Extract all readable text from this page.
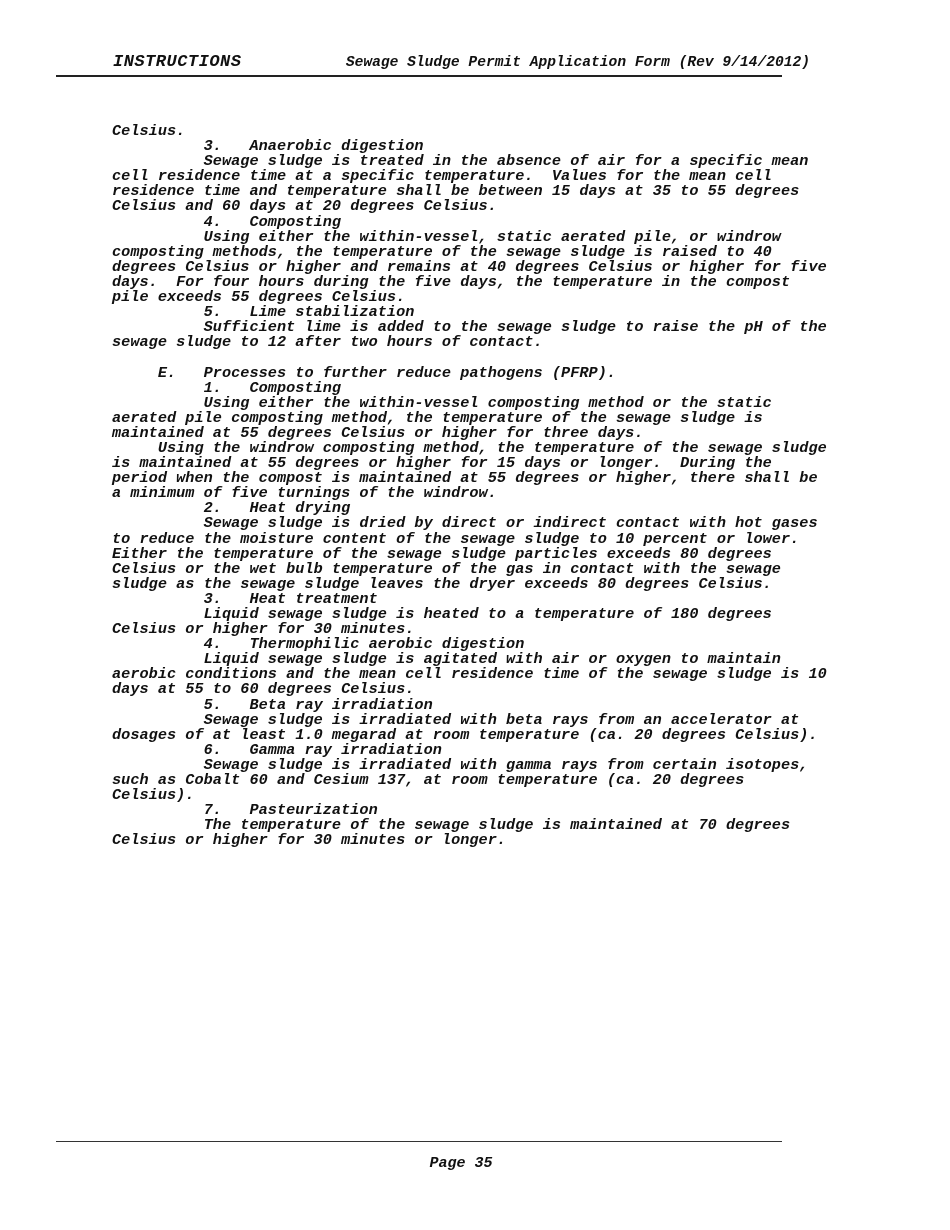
INSTRUCTIONS	Sewage Sludge Permit Application Form (Rev 9/14/2012)
Celsius.
3.   Anaerobic digestion
Sewage sludge is treated in the absence of air for a specific mean
cell residence time at a specific temperature.  Values for the mean cell
residence time and temperature shall be between 15 days at 35 to 55 degrees
Celsius and 60 days at 20 degrees Celsius.
4.   Composting
Using either the within-vessel, static aerated pile, or windrow
composting methods, the temperature of the sewage sludge is raised to 40
degrees Celsius or higher and remains at 40 degrees Celsius or higher for five
days.  For four hours during the five days, the temperature in the compost
pile exceeds 55 degrees Celsius.
5.   Lime stabilization
Sufficient lime is added to the sewage sludge to raise the pH of the
sewage sludge to 12 after two hours of contact.
E.   Processes to further reduce pathogens (PFRP).
1.   Composting
Using either the within-vessel composting method or the static
aerated pile composting method, the temperature of the sewage sludge is
maintained at 55 degrees Celsius or higher for three days.
Using the windrow composting method, the temperature of the sewage sludge
is maintained at 55 degrees or higher for 15 days or longer.  During the
period when the compost is maintained at 55 degrees or higher, there shall be
a minimum of five turnings of the windrow.
2.   Heat drying
Sewage sludge is dried by direct or indirect contact with hot gases
to reduce the moisture content of the sewage sludge to 10 percent or lower.
Either the temperature of the sewage sludge particles exceeds 80 degrees
Celsius or the wet bulb temperature of the gas in contact with the sewage
sludge as the sewage sludge leaves the dryer exceeds 80 degrees Celsius.
3.   Heat treatment
Liquid sewage sludge is heated to a temperature of 180 degrees
Celsius or higher for 30 minutes.
4.   Thermophilic aerobic digestion
Liquid sewage sludge is agitated with air or oxygen to maintain
aerobic conditions and the mean cell residence time of the sewage sludge is 10
days at 55 to 60 degrees Celsius.
5.   Beta ray irradiation
Sewage sludge is irradiated with beta rays from an accelerator at
dosages of at least 1.0 megarad at room temperature (ca. 20 degrees Celsius).
6.   Gamma ray irradiation
Sewage sludge is irradiated with gamma rays from certain isotopes,
such as Cobalt 60 and Cesium 137, at room temperature (ca. 20 degrees
Celsius).
7.   Pasteurization
The temperature of the sewage sludge is maintained at 70 degrees
Celsius or higher for 30 minutes or longer.
Page 35
